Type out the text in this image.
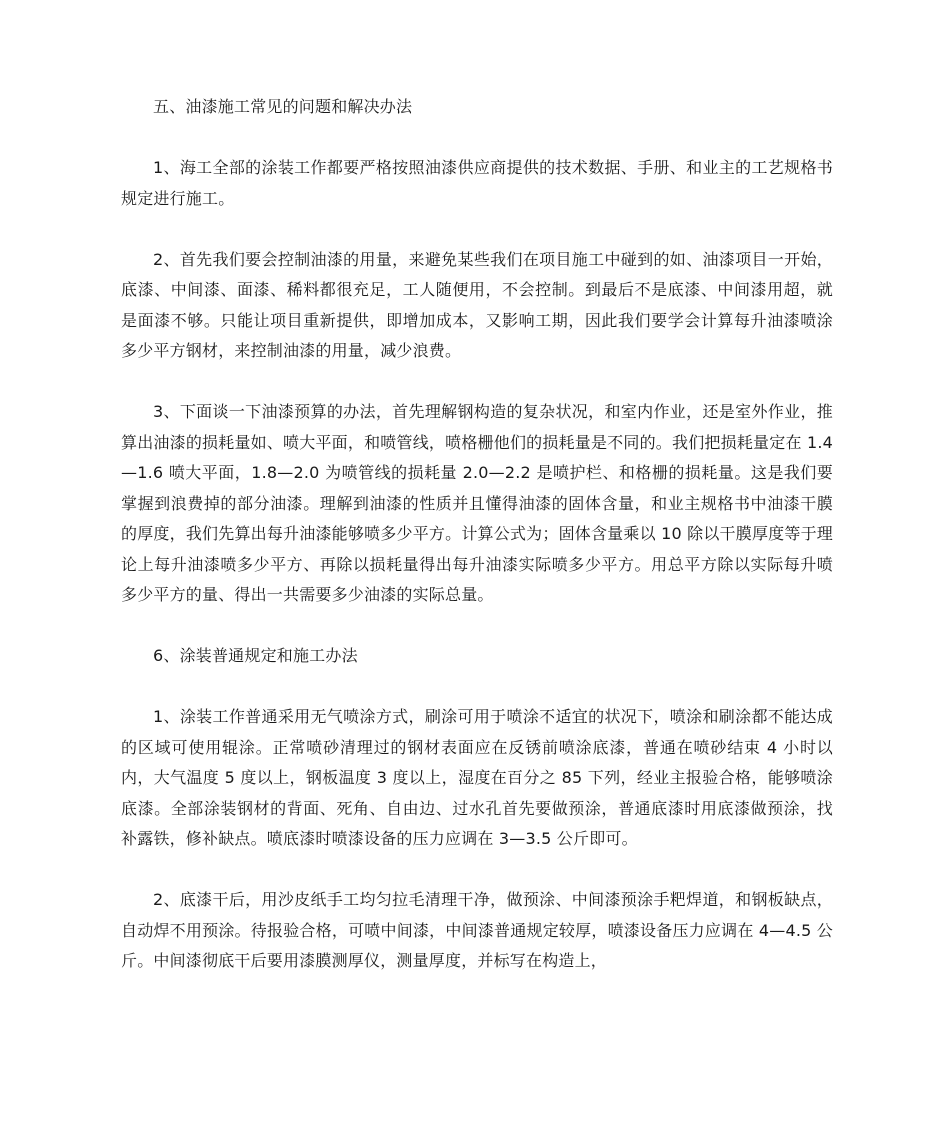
五、油漆施工常见的问题和解决办法

1、海工全部的涂装工作都要严格按照油漆供应商提供的技术数据、手册、和业主的工艺规格书规定进行施工。

2、首先我们要会控制油漆的用量，来避免某些我们在项目施工中碰到的如、油漆项目一开始，底漆、中间漆、面漆、稀料都很充足，工人随便用，不会控制。到最后不是底漆、中间漆用超，就是面漆不够。只能让项目重新提供，即增加成本，又影响工期，因此我们要学会计算每升油漆喷涂多少平方钢材，来控制油漆的用量，减少浪费。

3、下面谈一下油漆预算的办法，首先理解钢构造的复杂状况，和室内作业，还是室外作业，推算出油漆的损耗量如、喷大平面，和喷管线，喷格栅他们的损耗量是不同的。我们把损耗量定在 1.4—1.6 喷大平面，1.8—2.0 为喷管线的损耗量 2.0—2.2 是喷护栏、和格栅的损耗量。这是我们要掌握到浪费掉的部分油漆。理解到油漆的性质并且懂得油漆的固体含量，和业主规格书中油漆干膜的厚度，我们先算出每升油漆能够喷多少平方。计算公式为；固体含量乘以 10 除以干膜厚度等于理论上每升油漆喷多少平方、再除以损耗量得出每升油漆实际喷多少平方。用总平方除以实际每升喷多少平方的量、得出一共需要多少油漆的实际总量。

6、涂装普通规定和施工办法

1、涂装工作普通采用无气喷涂方式，刷涂可用于喷涂不适宜的状况下，喷涂和刷涂都不能达成的区域可使用辊涂。正常喷砂清理过的钢材表面应在反锈前喷涂底漆，普通在喷砂结束 4 小时以内，大气温度 5 度以上，钢板温度 3 度以上，湿度在百分之 85 下列，经业主报验合格，能够喷涂底漆。全部涂装钢材的背面、死角、自由边、过水孔首先要做预涂，普通底漆时用底漆做预涂，找补露铁，修补缺点。喷底漆时喷漆设备的压力应调在 3—3.5 公斤即可。

2、底漆干后，用沙皮纸手工均匀拉毛清理干净，做预涂、中间漆预涂手粑焊道，和钢板缺点，自动焊不用预涂。待报验合格，可喷中间漆，中间漆普通规定较厚，喷漆设备压力应调在 4—4.5 公斤。中间漆彻底干后要用漆膜测厚仪，测量厚度，并标写在构造上，
